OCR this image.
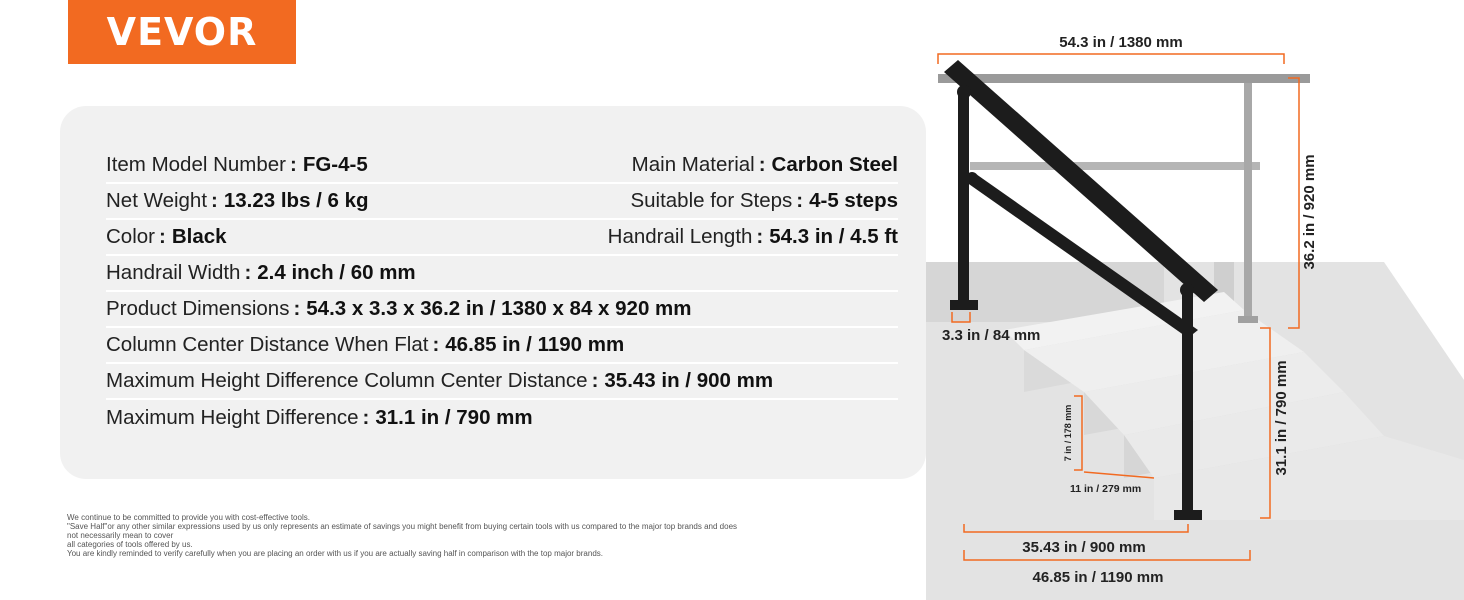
VEVOR
Item Model Number : FG-4-5	Main Material : Carbon Steel
Net Weight : 13.23 lbs / 6 kg	Suitable for Steps : 4-5 steps
Color : Black	Handrail Length : 54.3 in / 4.5 ft
Handrail Width : 2.4 inch / 60 mm
Product Dimensions : 54.3 x 3.3 x 36.2 in / 1380 x 84 x 920 mm
Column Center Distance When Flat : 46.85 in / 1190 mm
Maximum Height Difference Column Center Distance : 35.43 in / 900 mm
Maximum Height Difference : 31.1 in / 790 mm
We continue to be committed to provide you with cost-effective tools.
"Save Half"or any other similar expressions used by us only represents an estimate of savings you might benefit from buying certain tools with us compared to the major top brands and does
not necessarily mean to cover
all categories of tools offered by us.
You are kindly reminded to verify carefully when you are placing an order with us if you are actually saving half in comparison with the top major brands.
54.3 in / 1380 mm
36.2 in / 920 mm
3.3 in / 84 mm
31.1 in / 790 mm
7 in / 178 mm
11 in / 279 mm
35.43 in / 900 mm
46.85 in / 1190 mm
